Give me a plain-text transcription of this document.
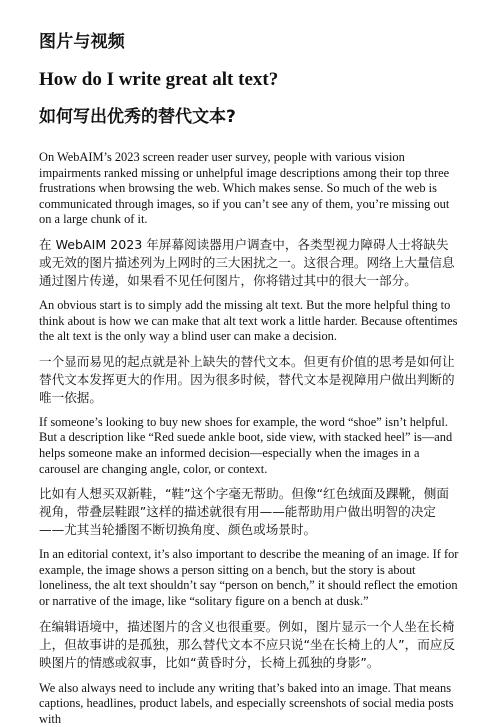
图片与视频
How do I write great alt text?
如何写出优秀的替代文本?

On WebAIM’s 2023 screen reader user survey, people with various vision impairments ranked missing or unhelpful image descriptions among their top three frustrations when browsing the web. Which makes sense. So much of the web is communicated through images, so if you can’t see any of them, you’re missing out on a large chunk of it.

在 WebAIM 2023 年屏幕阅读器用户调查中，各类型视力障碍人士将缺失或无效的图片描述列为上网时的三大困扰之一。这很合理。网络上大量信息通过图片传递，如果看不见任何图片，你将错过其中的很大一部分。

An obvious start is to simply add the missing alt text. But the more helpful thing to think about is how we can make that alt text work a little harder. Because oftentimes the alt text is the only way a blind user can make a decision.

一个显而易见的起点就是补上缺失的替代文本。但更有价值的思考是如何让替代文本发挥更大的作用。因为很多时候，替代文本是视障用户做出判断的唯一依据。

If someone’s looking to buy new shoes for example, the word “shoe” isn’t helpful. But a description like “Red suede ankle boot, side view, with stacked heel” is—and helps someone make an informed decision—especially when the images in a carousel are changing angle, color, or context.

比如有人想买双新鞋，“鞋”这个字毫无帮助。但像“红色绒面及踝靴，侧面视角，带叠层鞋跟”这样的描述就很有用——能帮助用户做出明智的决定——尤其当轮播图不断切换角度、颜色或场景时。

In an editorial context, it’s also important to describe the meaning of an image. If for example, the image shows a person sitting on a bench, but the story is about loneliness, the alt text shouldn’t say “person on bench,” it should reflect the emotion or narrative of the image, like “solitary figure on a bench at dusk.”

在编辑语境中，描述图片的含义也很重要。例如，图片显示一个人坐在长椅上，但故事讲的是孤独，那么替代文本不应只说“坐在长椅上的人”，而应反映图片的情感或叙事，比如“黄昏时分，长椅上孤独的身影”。

We also always need to include any writing that’s baked into an image. That means captions, headlines, product labels, and especially screenshots of social media posts with
